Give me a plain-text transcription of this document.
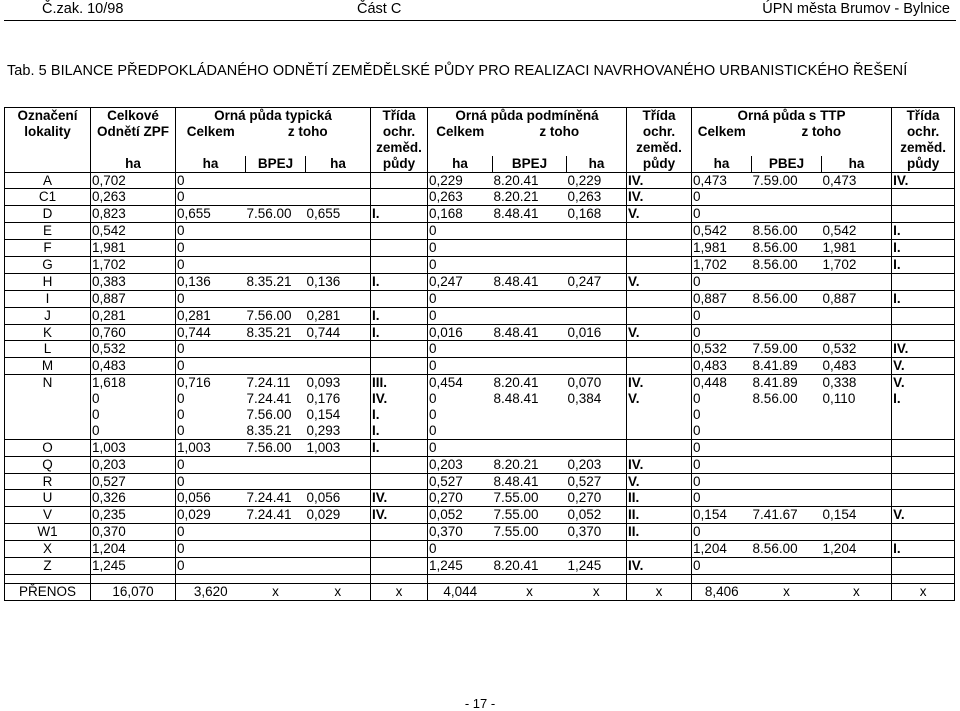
Č.zak. 10/98	Část C	ÚPN města Brumov - Bylnice
Tab. 5 BILANCE PŘEDPOKLÁDANÉHO ODNĚTÍ ZEMĚDĚLSKÉ PŮDY PRO REALIZACI NAVRHOVANÉHO URBANISTICKÉHO ŘEŠENÍ
Označení	Celkové	Orná půda typická			Třída	Orná půda podmíněná			Třída	Orná půda s TTP			Třída
lokality	Odnětí ZPF	Celkem	z toho		ochr.	Celkem	z toho		ochr.	Celkem	z toho		ochr.
					zeměd.				zeměd.				zeměd.
	ha	ha	BPEJ	ha	půdy	ha	BPEJ	ha	půdy	ha	PBEJ	ha	půdy
A	0,702	0				0,229	8.20.41	0,229	IV.	0,473	7.59.00	0,473	IV.
C1	0,263	0				0,263	8.20.21	0,263	IV.	0			
D	0,823	0,655	7.56.00	0,655	I.	0,168	8.48.41	0,168	V.	0			
E	0,542	0				0				0,542	8.56.00	0,542	I.
F	1,981	0				0				1,981	8.56.00	1,981	I.
G	1,702	0				0				1,702	8.56.00	1,702	I.
H	0,383	0,136	8.35.21	0,136	I.	0,247	8.48.41	0,247	V.	0			
I	0,887	0				0				0,887	8.56.00	0,887	I.
J	0,281	0,281	7.56.00	0,281	I.	0				0			
K	0,760	0,744	8.35.21	0,744	I.	0,016	8.48.41	0,016	V.	0			
L	0,532	0				0				0,532	7.59.00	0,532	IV.
M	0,483	0				0				0,483	8.41.89	0,483	V.
N	1,618	0,716	7.24.11	0,093	III.	0,454	8.20.41	0,070	IV.	0,448	8.41.89	0,338	V.
	0	0	7.24.41	0,176	IV.	0	8.48.41	0,384	V.	0	8.56.00	0,110	I.
	0	0	7.56.00	0,154	I.	0				0			
	0	0	8.35.21	0,293	I.	0				0			
O	1,003	1,003	7.56.00	1,003	I.	0				0			
Q	0,203	0				0,203	8.20.21	0,203	IV.	0			
R	0,527	0				0,527	8.48.41	0,527	V.	0			
U	0,326	0,056	7.24.41	0,056	IV.	0,270	7.55.00	0,270	II.	0			
V	0,235	0,029	7.24.41	0,029	IV.	0,052	7.55.00	0,052	II.	0,154	7.41.67	0,154	V.
W1	0,370	0				0,370	7.55.00	0,370	II.	0			
X	1,204	0				0				1,204	8.56.00	1,204	I.
Z	1,245	0				1,245	8.20.41	1,245	IV.	0			

PŘENOS	16,070	3,620	x	x	x	4,044	x	x	x	8,406	x	x	x
- 17 -
